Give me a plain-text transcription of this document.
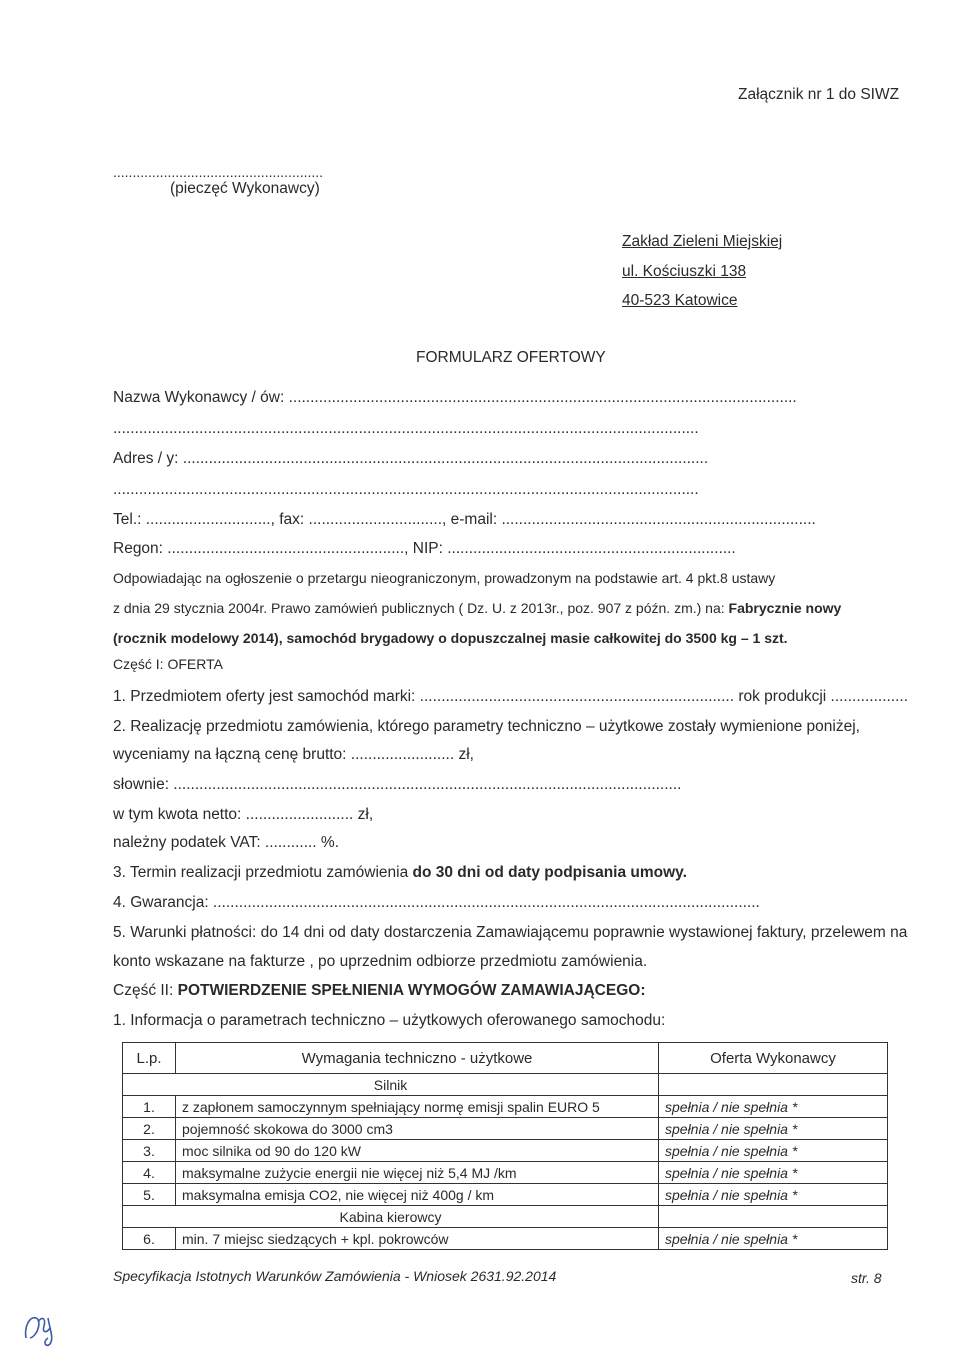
Załącznik nr 1 do SIWZ
......................................................
(pieczęć Wykonawcy)
Zakład Zieleni Miejskiej
ul. Kościuszki 138
40-523 Katowice
FORMULARZ OFERTOWY
Nazwa Wykonawcy / ów: ......................................................................................................................
........................................................................................................................................
Adres / y: ..........................................................................................................................
........................................................................................................................................
Tel.: ............................., fax: ..............................., e-mail: .........................................................................
Regon: ......................................................., NIP: ...................................................................
Odpowiadając na ogłoszenie o przetargu nieograniczonym, prowadzonym na podstawie art. 4 pkt.8 ustawy
z dnia 29 stycznia 2004r. Prawo zamówień publicznych ( Dz. U. z 2013r., poz. 907 z późn. zm.) na: Fabrycznie nowy
(rocznik modelowy 2014), samochód brygadowy o dopuszczalnej masie całkowitej do 3500 kg – 1 szt.
Część I: OFERTA
1. Przedmiotem oferty jest samochód marki: ......................................................................... rok produkcji ..................
2. Realizację przedmiotu zamówienia, którego parametry techniczno – użytkowe zostały wymienione poniżej,
wyceniamy na łączną cenę brutto: ........................ zł,
słownie: ......................................................................................................................
w tym kwota netto: ......................... zł,
należny podatek VAT: ............ %.
3. Termin realizacji przedmiotu zamówienia do 30 dni od daty podpisania umowy.
4. Gwarancja: ...............................................................................................................................
5. Warunki płatności: do 14 dni od daty dostarczenia Zamawiającemu poprawnie wystawionej faktury, przelewem na
konto wskazane na fakturze , po uprzednim odbiorze przedmiotu zamówienia.
Część II: POTWIERDZENIE SPEŁNIENIA WYMOGÓW ZAMAWIAJĄCEGO:
1. Informacja o parametrach techniczno – użytkowych oferowanego samochodu:
L.p.	Wymagania techniczno - użytkowe	Oferta Wykonawcy
Silnik		
1.	z zapłonem samoczynnym spełniający normę emisji spalin EURO 5	spełnia / nie spełnia *
2.	pojemność skokowa do 3000 cm3	spełnia / nie spełnia *
3.	moc silnika od 90 do 120 kW	spełnia / nie spełnia *
4.	maksymalne zużycie energii nie więcej niż 5,4 MJ /km	spełnia / nie spełnia *
5.	maksymalna emisja CO2, nie więcej niż 400g / km	spełnia / nie spełnia *
Kabina kierowcy		
6.	min. 7 miejsc siedzących + kpl. pokrowców	spełnia / nie spełnia *
Specyfikacja Istotnych Warunków Zamówienia - Wniosek 2631.92.2014	str. 8
